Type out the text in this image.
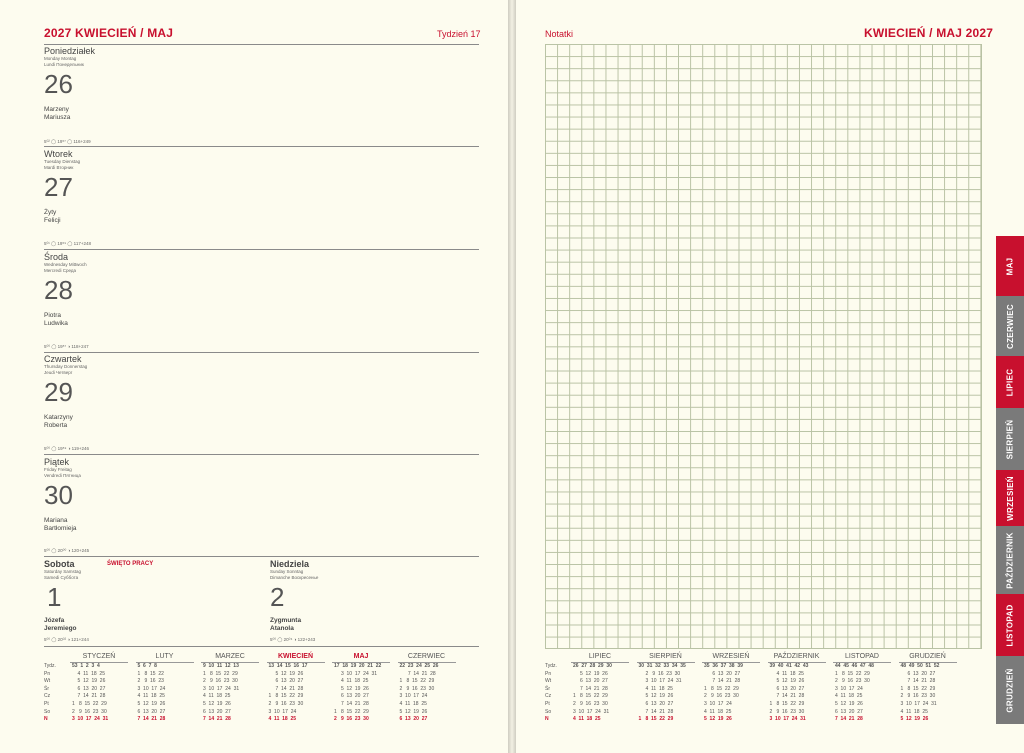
2027 KWIECIEŃ / MAJ	Tydzień 17
Poniedziałek
Monday Montag
Lundi Понедельник
26
Marzeny
Mariusza
5⁰² ◯ 19⁵⁷ ◯ 116+249
Wtorek
Tuesday Dienstag
Mardi Вторник
27
Żyty
Felicji
5⁰¹ ◯ 19⁵⁹ ◯ 117+248
Środa
Wednesday Mittwoch
Mercredi Среда
28
Piotra
Ludwika
5⁰⁰ ◯ 19⁵⁷ ◑ 118+247
Czwartek
Thursday Donnerstag
Jeudi Четверг
29
Katarzyny
Roberta
5⁰⁰ ◯ 19⁵⁹ ◑ 119+246
Piątek
Friday Freitag
Vendredi Пятница
30
Mariana
Bartłomieja
5⁰⁰ ◯ 20⁰⁰ ◑ 120+245
Sobota
Saturday Samstag
Samedi Суббота
1
Józefa
Jeremiego
ŚWIĘTO PRACY
5⁰⁰ ◯ 20⁰² ◑ 121+244
Niedziela
Sunday Sonntag
Dimanche Воскресенье
2
Zygmunta
Atanola
5⁰⁰ ◯ 20⁰⁴ ◑ 122+243
Tydz.
Pn
Wt
Śr
Cz
Pt
So
N
STYCZEŃ
53  1  2  3  4
4  11  18  25
5  12  19  26
6  13  20  27
7  14  21  28
1   8  15  22  29
2   9  16  23  30
3  10  17  24  31
LUTY
5  6  7  8
1   8  15  22
2   9  16  23
3  10  17  24
4  11  18  25
5  12  19  26
6  13  20  27
7  14  21  28
MARZEC
9  10  11  12  13
1   8  15  22  29
2   9  16  23  30
3  10  17  24  31
4  11  18  25
5  12  19  26
6  13  20  27
7  14  21  28
KWIECIEŃ
13  14  15  16  17
5  12  19  26
6  13  20  27
7  14  21  28
1   8  15  22  29
2   9  16  23  30
3  10  17  24
4  11  18  25
MAJ
17  18  19  20  21  22
3  10  17  24  31
4  11  18  25
5  12  19  26
6  13  20  27
7  14  21  28
1   8  15  22  29
2   9  16  23  30
CZERWIEC
22  23  24  25  26
7  14  21  28
1   8  15  22  29
2   9  16  23  30
3  10  17  24
4  11  18  25
5  12  19  26
6  13  20  27
Notatki	KWIECIEŃ / MAJ 2027
Tydz.
Pn
Wt
Śr
Cz
Pt
So
N
LIPIEC
26  27  28  29  30
5  12  19  26
6  13  20  27
7  14  21  28
1   8  15  22  29
2   9  16  23  30
3  10  17  24  31
4  11  18  25
SIERPIEŃ
30  31  32  33  34  35
2   9  16  23  30
3  10  17  24  31
4  11  18  25
5  12  19  26
6  13  20  27
7  14  21  28
1   8  15  22  29
WRZESIEŃ
35  36  37  38  39
6  13  20  27
7  14  21  28
1   8  15  22  29
2   9  16  23  30
3  10  17  24
4  11  18  25
5  12  19  26
PAŹDZIERNIK
39  40  41  42  43
4  11  18  25
5  12  19  26
6  13  20  27
7  14  21  28
1   8  15  22  29
2   9  16  23  30
3  10  17  24  31
LISTOPAD
44  45  46  47  48
1   8  15  22  29
2   9  16  23  30
3  10  17  24
4  11  18  25
5  12  19  26
6  13  20  27
7  14  21  28
GRUDZIEŃ
48  49  50  51  52
6  13  20  27
7  14  21  28
1   8  15  22  29
2   9  16  23  30
3  10  17  24  31
4  11  18  25
5  12  19  26
MAJ
CZERWIEC
LIPIEC
SIERPIEŃ
WRZESIEŃ
PAŹDZIERNIK
LISTOPAD
GRUDZIEŃ
